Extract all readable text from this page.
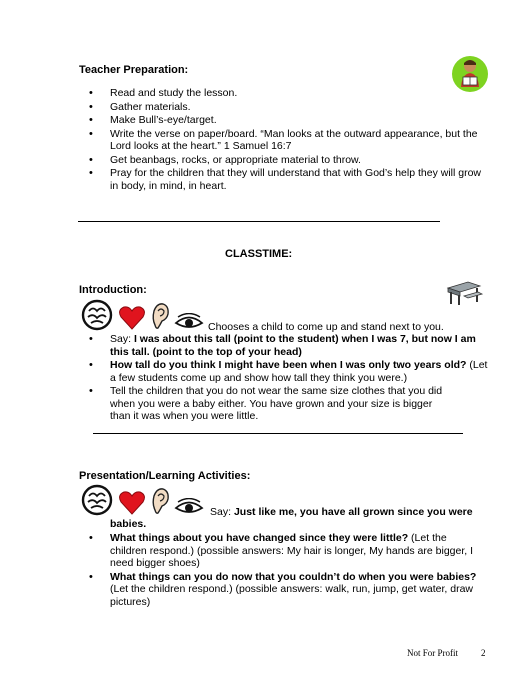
Teacher Preparation:
• Read and study the lesson.
• Gather materials.
• Make Bull’s-eye/target.
• Write the verse on paper/board. “Man looks at the outward appearance, but the Lord looks at the heart.” 1 Samuel 16:7
• Get beanbags, rocks, or appropriate material to throw.
• Pray for the children that they will understand that with God’s help they will grow in body, in mind, in heart.
CLASSTIME:
Introduction:
Chooses a child to come up and stand next to you.
• Say: I was about this tall (point to the student) when I was 7, but now I am this tall. (point to the top of your head)
• How tall do you think I might have been when I was only two years old? (Let a few students come up and show how tall they think you were.)
• Tell the children that you do not wear the same size clothes that you did when you were a baby either. You have grown and your size is bigger than it was when you were little.
Presentation/Learning Activities:
Say: Just like me, you have all grown since you were
babies.
• What things about you have changed since they were little? (Let the children respond.) (possible answers: My hair is longer, My hands are bigger, I need bigger shoes)
• What things can you do now that you couldn’t do when you were babies? (Let the children respond.) (possible answers: walk, run, jump, get water, draw pictures)
Not For Profit	2
